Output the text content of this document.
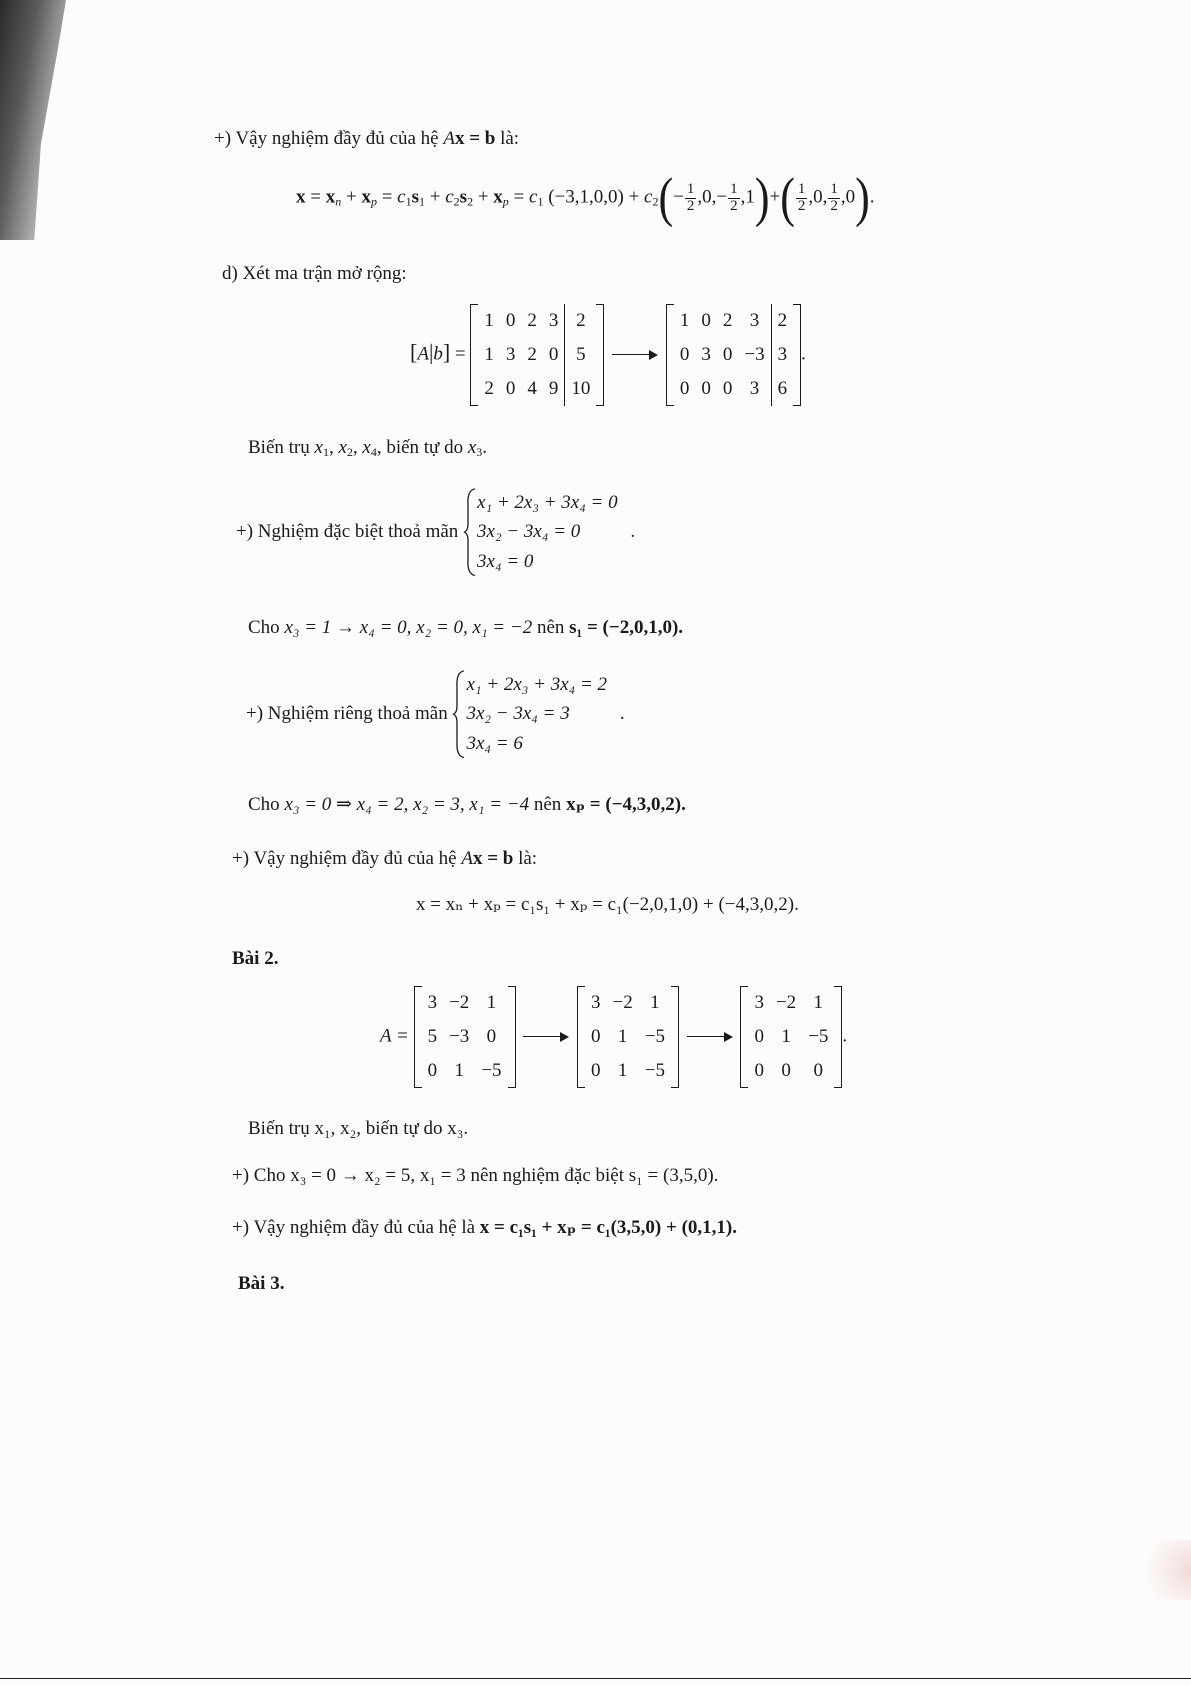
+) Vậy nghiệm đầy đủ của hệ Ax = b là:
$x = x_n + x_p = c_1s_1 + c_2s_2 + x_p = c_1$ $(-3,1,0,0) + c_2(- \frac{1}{2} ,0,- \frac{1}{2} ,1)+( \frac{1}{2} ,0$, $\frac{1}{2} ,0$).
d) Xét ma trận mở rộng:
[A|b] =
1	0	2	3	2
1	3	2	0	5
2	0	4	9	10

1	0	2	3	2
0	3	0	−3	3
0	0	0	3	6
.
Biến trụ $x_1$, $x_2$, $x_4$, biến tự do $x_3$.
+) Nghiệm đặc biệt thoả mãn
x₁ + 2x₃ + 3x₄ = 0
3x₂ − 3x₄ = 0
3x₄ = 0
.
Cho x₃ = 1 → x₄ = 0, x₂ = 0, x₁ = −2 nên s₁ = (−2,0,1,0).
+) Nghiệm riêng thoả mãn
x₁ + 2x₃ + 3x₄ = 2
3x₂ − 3x₄ = 3
3x₄ = 6
.
Cho x₃ = 0 ⇒ x₄ = 2, x₂ = 3, x₁ = −4 nên xₚ = (−4,3,0,2).
+) Vậy nghiệm đầy đủ của hệ Ax = b là:
x = xₙ + xₚ = c₁s₁ + xₚ = c₁(−2,0,1,0) + (−4,3,0,2).
Bài 2.
A =
3	−2	1
5	−3	0
0	1	−5

3	−2	1
0	1	−5
0	1	−5

3	−2	1
0	1	−5
0	0	0
.
Biến trụ x₁, x₂, biến tự do x₃.
+) Cho x₃ = 0 → x₂ = 5, x₁ = 3 nên nghiệm đặc biệt s₁ = (3,5,0).
+) Vậy nghiệm đầy đủ của hệ là x = c₁s₁ + xₚ = c₁(3,5,0) + (0,1,1).
Bài 3.
